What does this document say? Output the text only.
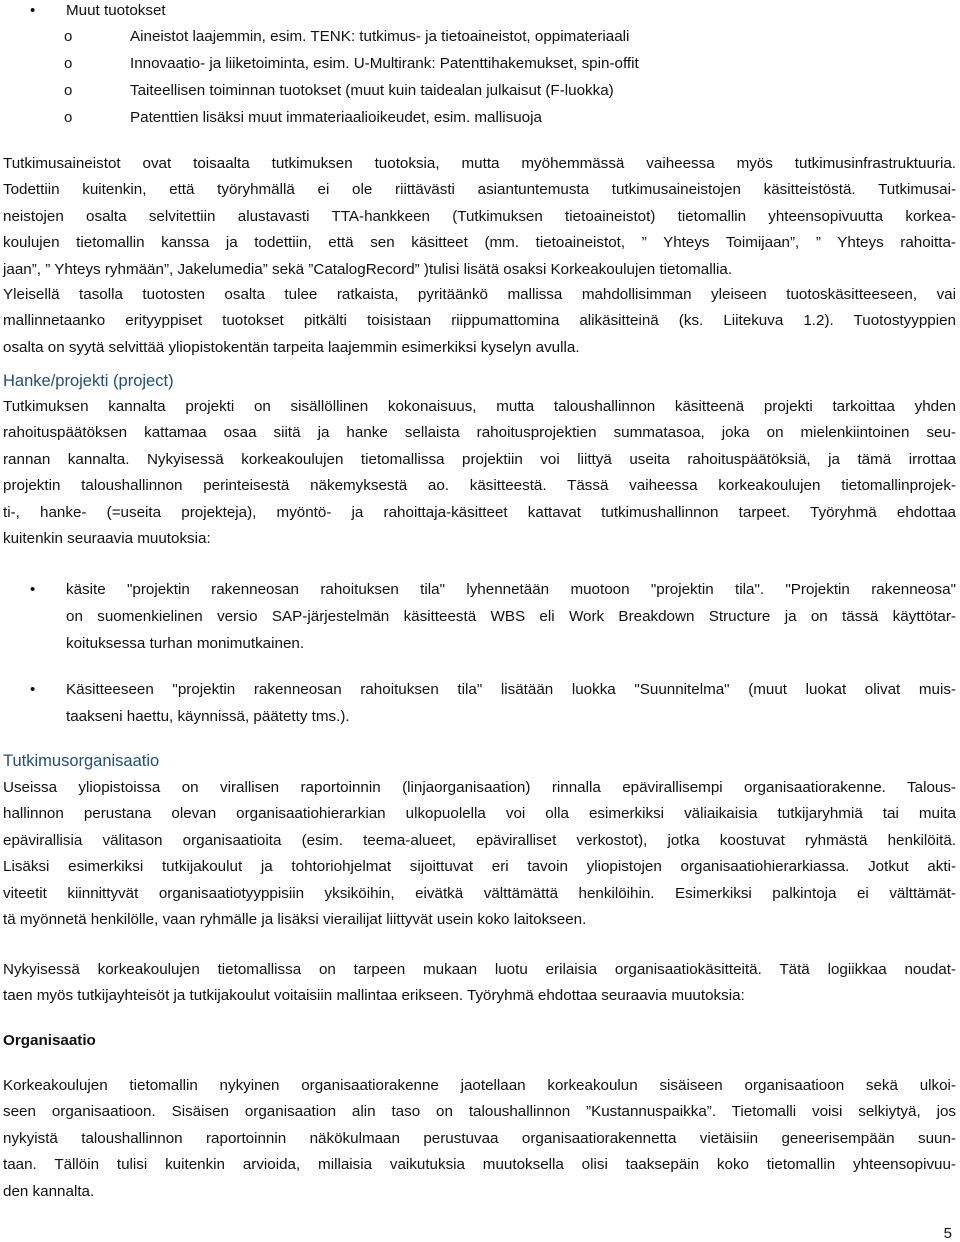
• Muut tuotokset
o	Aineistot laajemmin, esim. TENK: tutkimus- ja tietoaineistot, oppimateriaali
o	Innovaatio- ja liiketoiminta, esim. U-Multirank: Patenttihakemukset, spin-offit
o	Taiteellisen toiminnan tuotokset (muut kuin taidealan julkaisut (F-luokka)
o	Patenttien lisäksi muut immateriaalioikeudet, esim. mallisuoja
Tutkimusaineistot ovat toisaalta tutkimuksen tuotoksia, mutta myöhemmässä vaiheessa myös tutkimusinfrastruktuuria.
Todettiin kuitenkin, että työryhmällä ei ole riittävästi asiantuntemusta tutkimusaineistojen käsitteistöstä. Tutkimusai-
neistojen osalta selvitettiin alustavasti TTA-hankkeen (Tutkimuksen tietoaineistot) tietomallin yhteensopivuutta korkea-
koulujen tietomallin kanssa ja todettiin, että sen käsitteet (mm. tietoaineistot, ” Yhteys Toimijaan”, ” Yhteys rahoitta-
jaan”, ” Yhteys ryhmään”, Jakelumedia” sekä ”CatalogRecord” )tulisi lisätä osaksi Korkeakoulujen tietomallia.
Yleisellä tasolla tuotosten osalta tulee ratkaista, pyritäänkö mallissa mahdollisimman yleiseen tuotoskäsitteeseen, vai
mallinnetaanko erityyppiset tuotokset pitkälti toisistaan riippumattomina alikäsitteinä (ks. Liitekuva 1.2). Tuotostyyppien
osalta on syytä selvittää yliopistokentän tarpeita laajemmin esimerkiksi kyselyn avulla.
Hanke/projekti (project)
Tutkimuksen kannalta projekti on sisällöllinen kokonaisuus, mutta taloushallinnon käsitteenä projekti tarkoittaa yhden
rahoituspäätöksen kattamaa osaa siitä ja hanke sellaista rahoitusprojektien summatasoa, joka on mielenkiintoinen seu-
rannan kannalta. Nykyisessä korkeakoulujen tietomallissa projektiin voi liittyä useita rahoituspäätöksiä, ja tämä irrottaa
projektin taloushallinnon perinteisestä näkemyksestä ao. käsitteestä. Tässä vaiheessa korkeakoulujen tietomallinprojek-
ti-, hanke- (=useita projekteja), myöntö- ja rahoittaja-käsitteet kattavat tutkimushallinnon tarpeet. Työryhmä ehdottaa
kuitenkin seuraavia muutoksia:
• käsite "projektin rakenneosan rahoituksen tila" lyhennetään muotoon "projektin tila". "Projektin rakenneosa"
on suomenkielinen versio SAP-järjestelmän käsitteestä WBS eli Work Breakdown Structure ja on tässä käyttötar-
koituksessa turhan monimutkainen.
• Käsitteeseen "projektin rakenneosan rahoituksen tila" lisätään luokka "Suunnitelma" (muut luokat olivat muis-
taakseni haettu, käynnissä, päätetty tms.).
Tutkimusorganisaatio
Useissa yliopistoissa on virallisen raportoinnin (linjaorganisaation) rinnalla epävirallisempi organisaatiorakenne. Talous-
hallinnon perustana olevan organisaatiohierarkian ulkopuolella voi olla esimerkiksi väliaikaisia tutkijaryhmiä tai muita
epävirallisia välitason organisaatioita (esim. teema-alueet, epäviralliset verkostot), jotka koostuvat ryhmästä henkilöitä.
Lisäksi esimerkiksi tutkijakoulut ja tohtoriohjelmat sijoittuvat eri tavoin yliopistojen organisaatiohierarkiassa. Jotkut akti-
viteetit kiinnittyvät organisaatiotyyppisiin yksiköihin, eivätkä välttämättä henkilöihin. Esimerkiksi palkintoja ei välttämät-
tä myönnetä henkilölle, vaan ryhmälle ja lisäksi vierailijat liittyvät usein koko laitokseen.
Nykyisessä korkeakoulujen tietomallissa on tarpeen mukaan luotu erilaisia organisaatiokäsitteitä. Tätä logiikkaa noudat-
taen myös tutkijayhteisöt ja tutkijakoulut voitaisiin mallintaa erikseen. Työryhmä ehdottaa seuraavia muutoksia:
Organisaatio
Korkeakoulujen tietomallin nykyinen organisaatiorakenne jaotellaan korkeakoulun sisäiseen organisaatioon sekä ulkoi-
seen organisaatioon. Sisäisen organisaation alin taso on taloushallinnon ”Kustannuspaikka”. Tietomalli voisi selkiytyä, jos
nykyistä taloushallinnon raportoinnin näkökulmaan perustuvaa organisaatiorakennetta vietäisiin geneerisempään suun-
taan. Tällöin tulisi kuitenkin arvioida, millaisia vaikutuksia muutoksella olisi taaksepäin koko tietomallin yhteensopivuu-
den kannalta.
5
